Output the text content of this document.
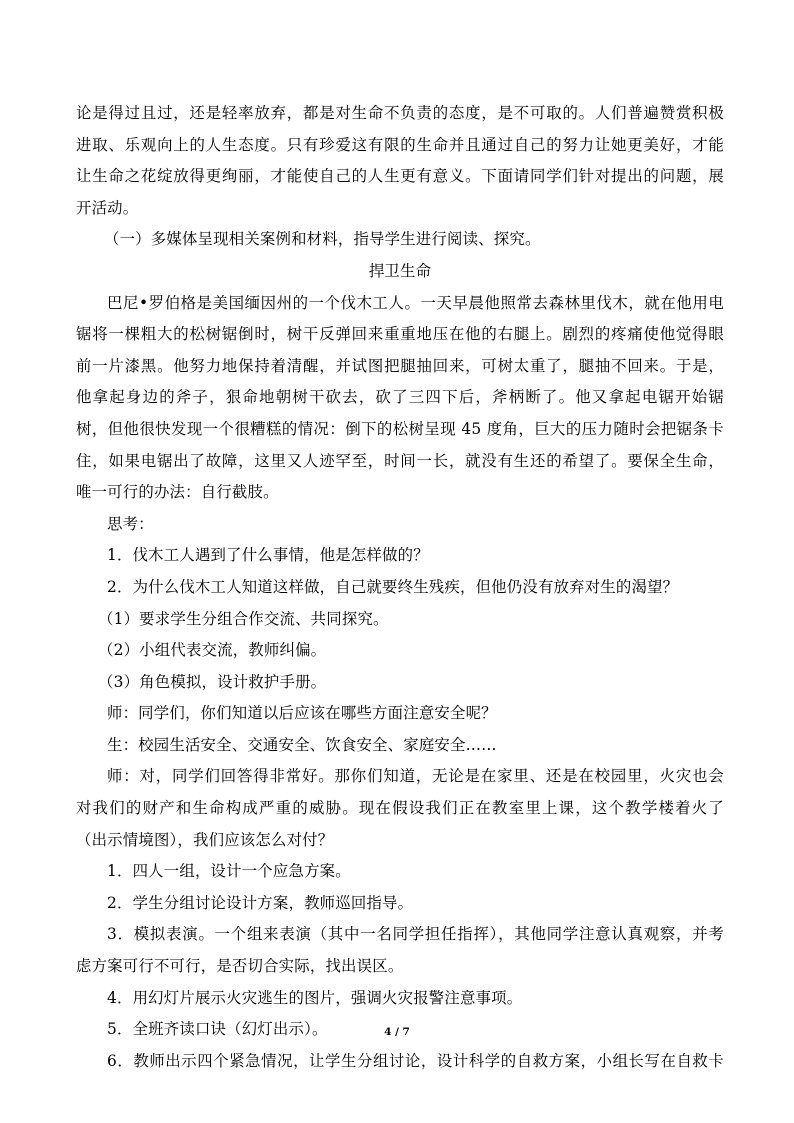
论是得过且过，还是轻率放弃，都是对生命不负责的态度，是不可取的。人们普遍赞赏积极
进取、乐观向上的人生态度。只有珍爱这有限的生命并且通过自己的努力让她更美好，才能
让生命之花绽放得更绚丽，才能使自己的人生更有意义。下面请同学们针对提出的问题，展
开活动。
（一）多媒体呈现相关案例和材料，指导学生进行阅读、探究。
捍卫生命
巴尼•罗伯格是美国缅因州的一个伐木工人。一天早晨他照常去森林里伐木，就在他用电
锯将一棵粗大的松树锯倒时，树干反弹回来重重地压在他的右腿上。剧烈的疼痛使他觉得眼
前一片漆黑。他努力地保持着清醒，并试图把腿抽回来，可树太重了，腿抽不回来。于是，
他拿起身边的斧子，狠命地朝树干砍去，砍了三四下后，斧柄断了。他又拿起电锯开始锯
树，但他很快发现一个很糟糕的情况：倒下的松树呈现 45 度角，巨大的压力随时会把锯条卡
住，如果电锯出了故障，这里又人迹罕至，时间一长，就没有生还的希望了。要保全生命，
唯一可行的办法：自行截肢。
思考：
1．伐木工人遇到了什么事情，他是怎样做的？
2．为什么伐木工人知道这样做，自己就要终生残疾，但他仍没有放弃对生的渴望？
（1）要求学生分组合作交流、共同探究。
（2）小组代表交流，教师纠偏。
（3）角色模拟，设计救护手册。
师：同学们，你们知道以后应该在哪些方面注意安全呢？
生：校园生活安全、交通安全、饮食安全、家庭安全……
师：对，同学们回答得非常好。那你们知道，无论是在家里、还是在校园里，火灾也会
对我们的财产和生命构成严重的威胁。现在假设我们正在教室里上课，这个教学楼着火了
（出示情境图），我们应该怎么对付？
1．四人一组，设计一个应急方案。
2．学生分组讨论设计方案，教师巡回指导。
3．模拟表演。一个组来表演（其中一名同学担任指挥），其他同学注意认真观察，并考
虑方案可行不可行，是否切合实际，找出误区。
4．用幻灯片展示火灾逃生的图片，强调火灾报警注意事项。
5．全班齐读口诀（幻灯出示）。
6．教师出示四个紧急情况，让学生分组讨论，设计科学的自救方案，小组长写在自救卡
4 / 7
